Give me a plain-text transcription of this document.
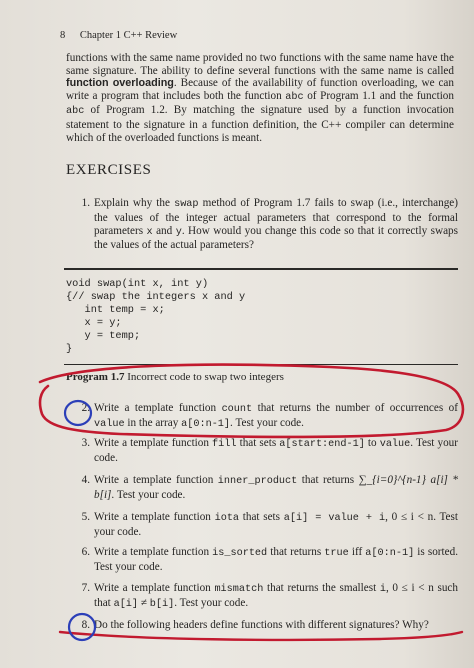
8 Chapter 1 C++ Review
functions with the same name provided no two functions with the same name have the same signature. The ability to define several functions with the same name is called function overloading. Because of the availability of function overloading, we can write a program that includes both the function abc of Program 1.1 and the function abc of Program 1.2. By matching the signature used by a function invocation statement to the signature in a function definition, the C++ compiler can determine which of the overloaded functions is meant.
EXERCISES
1. Explain why the swap method of Program 1.7 fails to swap (i.e., interchange) the values of the integer actual parameters that correspond to the formal parameters x and y. How would you change this code so that it correctly swaps the values of the actual parameters?
void swap(int x, int y)
{// swap the integers x and y
int temp = x;
x = y;
y = temp;
}
Program 1.7 Incorrect code to swap two integers
2. Write a template function count that returns the number of occurrences of value in the array a[0:n-1]. Test your code.
3. Write a template function fill that sets a[start:end-1] to value. Test your code.
4. Write a template function inner_product that returns ∑_{i=0}^{n-1} a[i] * b[i]. Test your code.
5. Write a template function iota that sets a[i] = value + i, 0 ≤ i < n. Test your code.
6. Write a template function is_sorted that returns true iff a[0:n-1] is sorted. Test your code.
7. Write a template function mismatch that returns the smallest i, 0 ≤ i < n such that a[i] ≠ b[i]. Test your code.
8. Do the following headers define functions with different signatures? Why?
